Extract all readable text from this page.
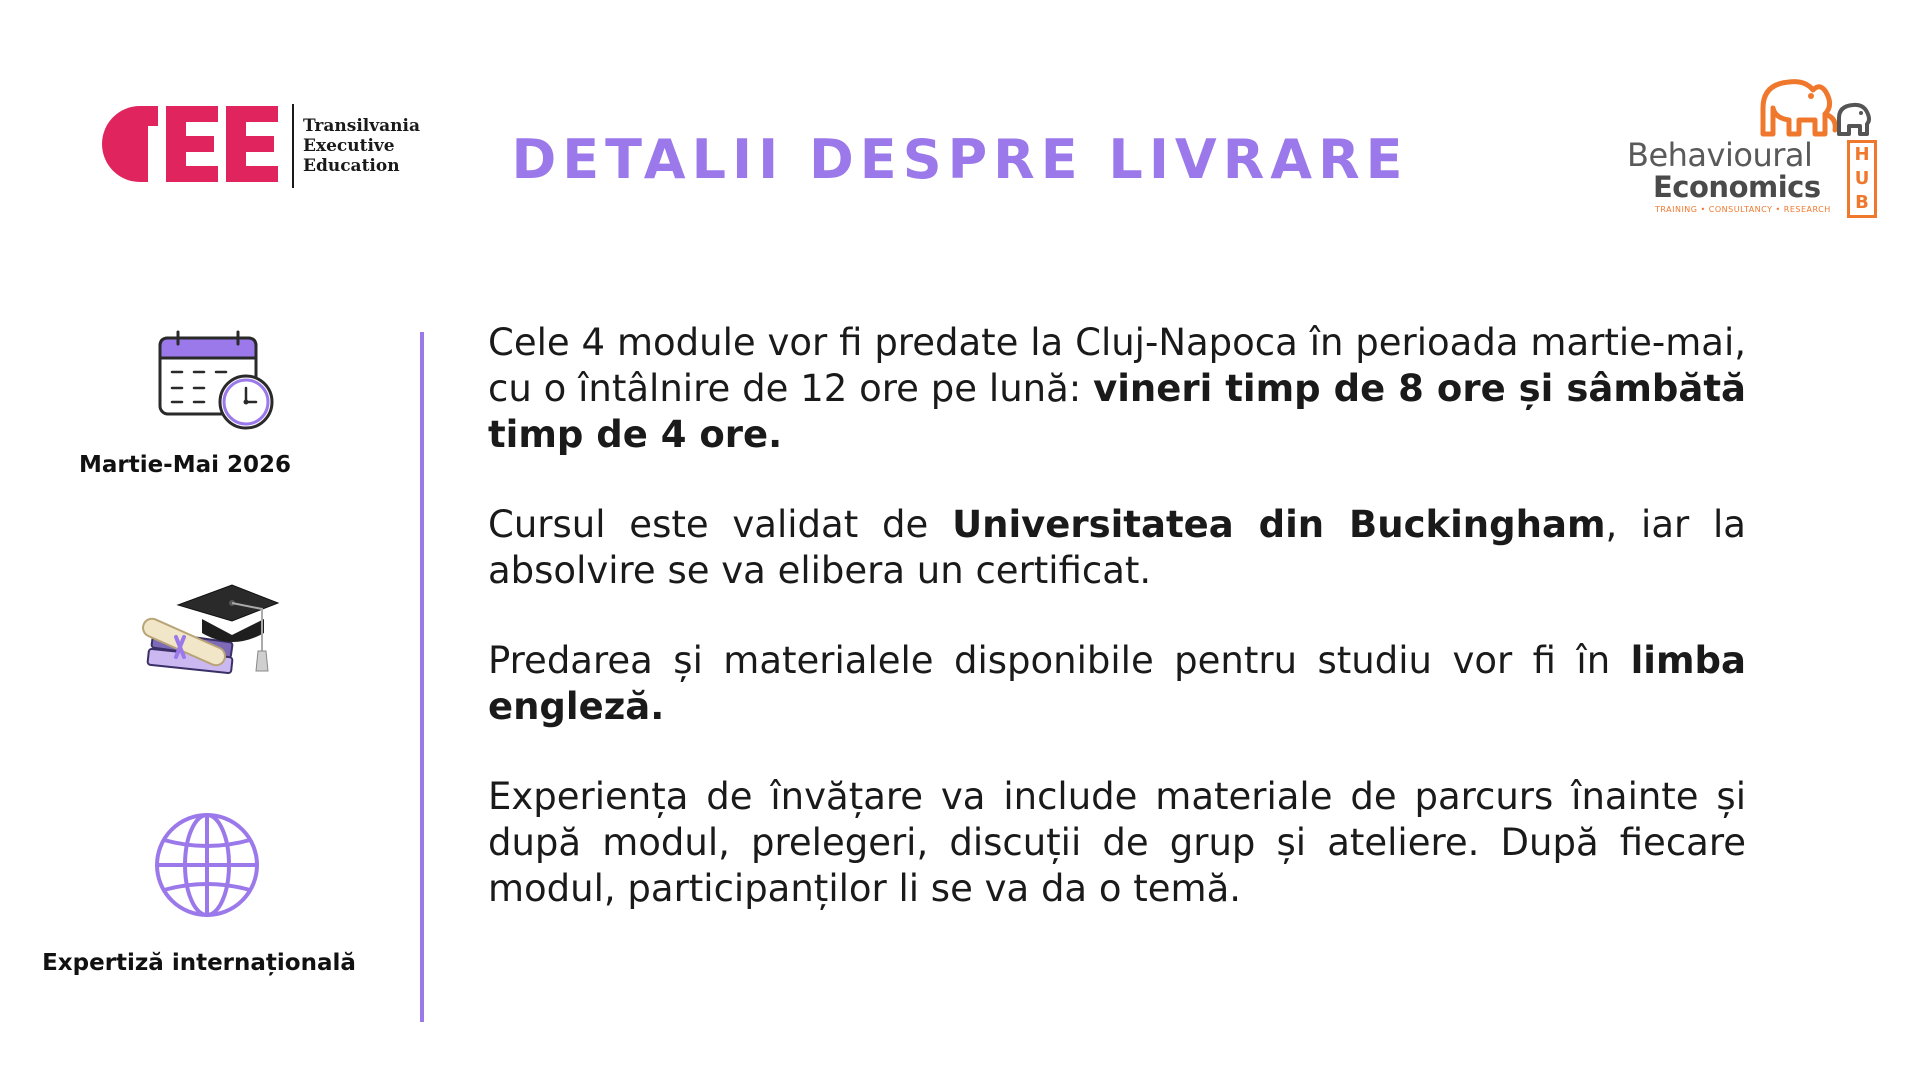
Transilvania
Executive
Education	DETALII DESPRE LIVRARE	Behavioural
Economics
H
U
B
TRAINING • CONSULTANCY • RESEARCH
Martie-Mai 2026
Expertiză internațională

Cele 4 module vor fi predate la Cluj-Napoca în perioada martie-mai, cu o întâlnire de 12 ore pe lună: vineri timp de 8 ore și sâmbătă timp de 4 ore.

Cursul este validat de Universitatea din Buckingham, iar la absolvire se va elibera un certificat.

Predarea și materialele disponibile pentru studiu vor fi în limba engleză.

Experiența de învățare va include materiale de parcurs înainte și după modul, prelegeri, discuții de grup și ateliere. După fiecare modul, participanților li se va da o temă.
